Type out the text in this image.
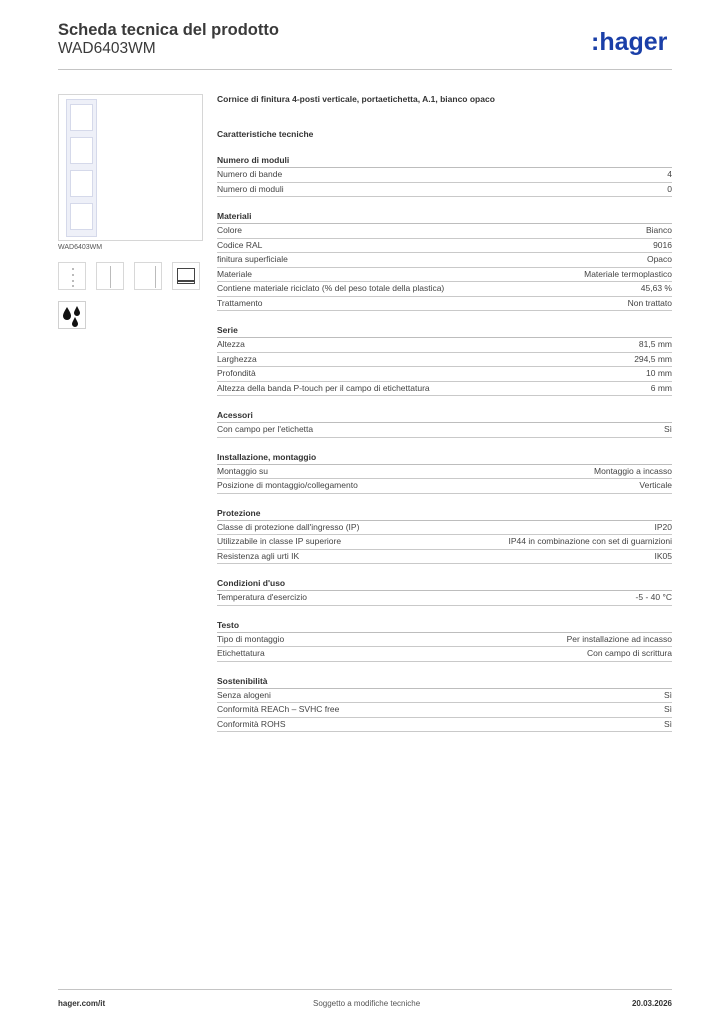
Scheda tecnica del prodotto
WAD6403WM	:hager
WAD6403WM
Cornice di finitura 4-posti verticale, portaetichetta, A.1, bianco opaco
Caratteristiche tecniche
Numero di moduli
Numero di bande	4
Numero di moduli	0
Materiali
Colore	Bianco
Codice RAL	9016
finitura superficiale	Opaco
Materiale	Materiale termoplastico
Contiene materiale riciclato (% del peso totale della plastica)	45,63 %
Trattamento	Non trattato
Serie
Altezza	81,5 mm
Larghezza	294,5 mm
Profondità	10 mm
Altezza della banda P-touch per il campo di etichettatura	6 mm
Acessori
Con campo per l'etichetta	Sì
Installazione, montaggio
Montaggio su	Montaggio a incasso
Posizione di montaggio/collegamento	Verticale
Protezione
Classe di protezione dall'ingresso (IP)	IP20
Utilizzabile in classe IP superiore	IP44 in combinazione con set di guarnizioni
Resistenza agli urti IK	IK05
Condizioni d'uso
Temperatura d'esercizio	-5 - 40 °C
Testo
Tipo di montaggio	Per installazione ad incasso
Etichettatura	Con campo di scrittura
Sostenibilità
Senza alogeni	Sì
Conformità REACh – SVHC free	Sì
Conformità ROHS	Sì
hager.com/it	Soggetto a modifiche tecniche	20.03.2026
